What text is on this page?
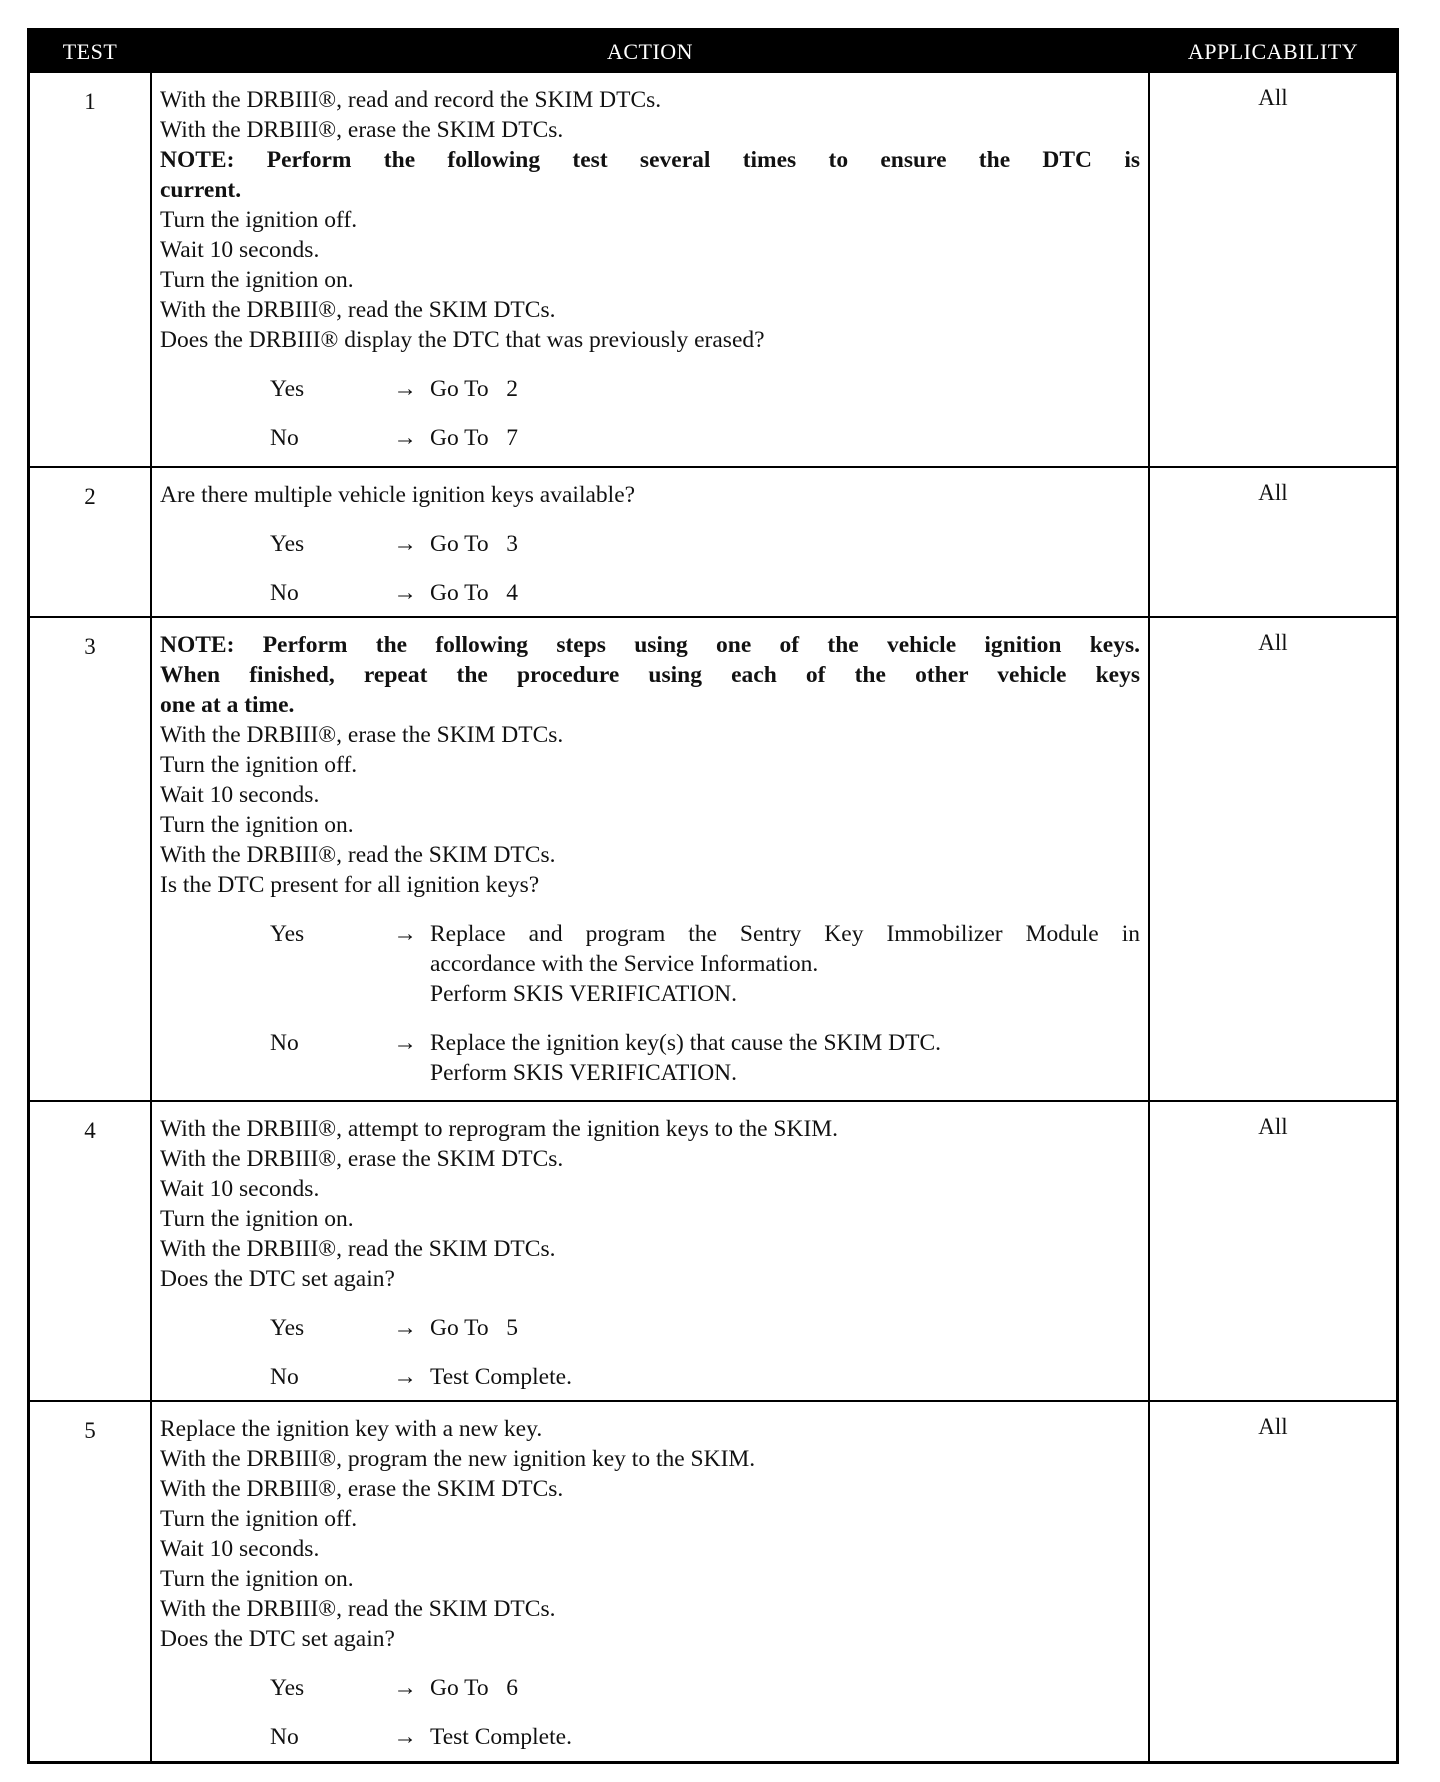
TEST	ACTION	APPLICABILITY
1	With the DRBIII®, read and record the SKIM DTCs.
With the DRBIII®, erase the SKIM DTCs.
NOTE: Perform the following test several times to ensure the DTC is
current.
Turn the ignition off.
Wait 10 seconds.
Turn the ignition on.
With the DRBIII®, read the SKIM DTCs.
Does the DRBIII® display the DTC that was previously erased?
Yes	→ Go To   2
No	→ Go To   7
All
2	Are there multiple vehicle ignition keys available?
Yes	→ Go To   3
No	→ Go To   4
All
3	NOTE: Perform the following steps using one of the vehicle ignition keys.
When finished, repeat the procedure using each of the other vehicle keys
one at a time.
With the DRBIII®, erase the SKIM DTCs.
Turn the ignition off.
Wait 10 seconds.
Turn the ignition on.
With the DRBIII®, read the SKIM DTCs.
Is the DTC present for all ignition keys?
Yes	→ Replace and program the Sentry Key Immobilizer Module in
accordance with the Service Information.
Perform SKIS VERIFICATION.
No	→ Replace the ignition key(s) that cause the SKIM DTC.
Perform SKIS VERIFICATION.
All
4	With the DRBIII®, attempt to reprogram the ignition keys to the SKIM.
With the DRBIII®, erase the SKIM DTCs.
Wait 10 seconds.
Turn the ignition on.
With the DRBIII®, read the SKIM DTCs.
Does the DTC set again?
Yes	→ Go To   5
No	→ Test Complete.
All
5	Replace the ignition key with a new key.
With the DRBIII®, program the new ignition key to the SKIM.
With the DRBIII®, erase the SKIM DTCs.
Turn the ignition off.
Wait 10 seconds.
Turn the ignition on.
With the DRBIII®, read the SKIM DTCs.
Does the DTC set again?
Yes	→ Go To   6
No	→ Test Complete.
All
